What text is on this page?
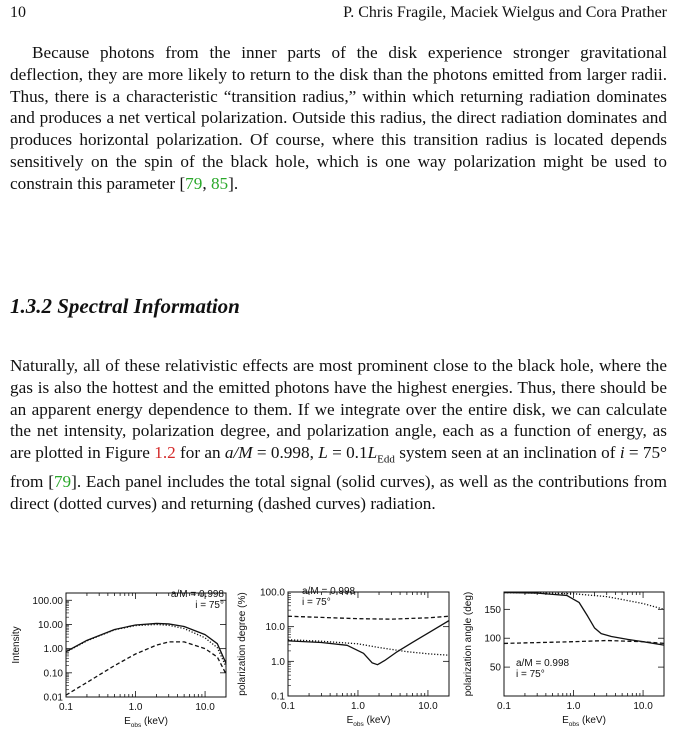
10	P. Chris Fragile, Maciek Wielgus and Cora Prather

Because photons from the inner parts of the disk experience stronger gravitational deflection, they are more likely to return to the disk than the photons emitted from larger radii. Thus, there is a characteristic “transition radius,” within which returning radiation dominates and produces a net vertical polarization. Outside this radius, the direct radiation dominates and produces horizontal polarization. Of course, where this transition radius is located depends sensitively on the spin of the black hole, which is one way polarization might be used to constrain this parameter [79, 85].

1.3.2 Spectral Information

Naturally, all of these relativistic effects are most prominent close to the black hole, where the gas is also the hottest and the emitted photons have the highest energies. Thus, there should be an apparent energy dependence to them. If we integrate over the entire disk, we can calculate the net intensity, polarization degree, and polarization angle, each as a function of energy, as are plotted in Figure 1.2 for an a/M = 0.998, $L = 0.1L_{Edd}$ system seen at an inclination of i = 75° from [79]. Each panel includes the total signal (solid curves), as well as the contributions from direct (dotted curves) and returning (dashed curves) radiation.

0.1	1.0	10.0
0.01
0.10
1.00
10.00
100.00
Intensity
$E_{obs}$ (keV)
a/M = 0.998
i = 75°
0.1	1.0	10.0
0.1
1.0
10.0
100.0
polarization degree (%)
$E_{obs}$ (keV)
a/M = 0.998
i = 75°
0.1	1.0	10.0
50
100
150
polarization angle (deg)
$E_{obs}$ (keV)
a/M = 0.998
i = 75°
